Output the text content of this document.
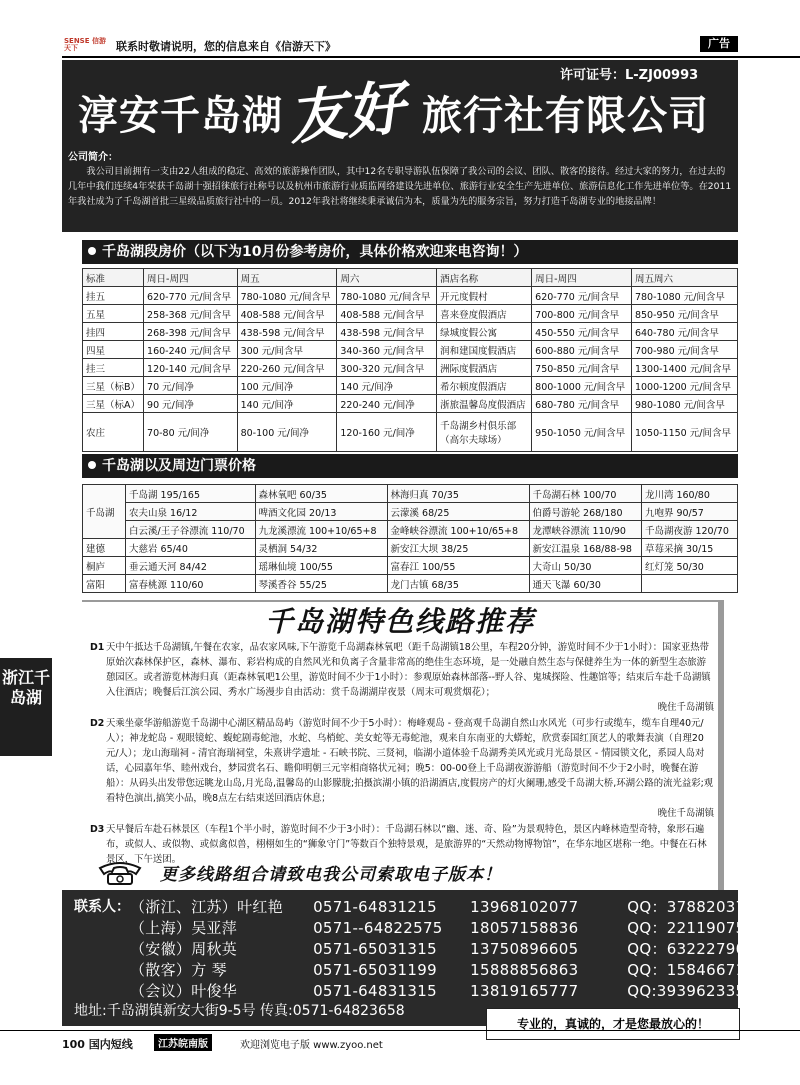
SENSE 信游天下	联系时敬请说明，您的信息来自《信游天下》	广告
许可证号：L-ZJ00993
淳安千岛湖 友好 旅行社有限公司
公司简介：
我公司目前拥有一支由22人组成的稳定、高效的旅游操作团队，其中12名专职导游队伍保障了我公司的会议、团队、散客的接待。经过大家的努力，在过去的几年中我们连续4年荣获千岛湖十强招徕旅行社称号以及杭州市旅游行业质监网络建设先进单位、旅游行业安全生产先进单位、旅游信息化工作先进单位等。在2011年我社成为了千岛湖首批三星级品质旅行社中的一员。2012年我社将继续秉承诚信为本，质量为先的服务宗旨，努力打造千岛湖专业的地接品牌！
千岛湖段房价（以下为10月份参考房价，具体价格欢迎来电咨询！）
标准	周日-周四	周五	周六	酒店名称	周日-周四	周五周六
挂五	620-770 元/间含早	780-1080 元/间含早	780-1080 元/间含早	开元度假村	620-770 元/间含早	780-1080 元/间含早
五星	258-368 元/间含早	408-588 元/间含早	408-588 元/间含早	喜来登度假酒店	700-800 元/间含早	850-950 元/间含早
挂四	268-398 元/间含早	438-598 元/间含早	438-598 元/间含早	绿城度假公寓	450-550 元/间含早	640-780 元/间含早
四星	160-240 元/间含早	300 元/间含早	340-360 元/间含早	润和建国度假酒店	600-880 元/间含早	700-980 元/间含早
挂三	120-140 元/间含早	220-260 元/间含早	300-320 元/间含早	洲际度假酒店	750-850 元/间含早	1300-1400 元/间含早
三星（标B）	70 元/间净	100 元/间净	140 元/间净	希尔顿度假酒店	800-1000 元/间含早	1000-1200 元/间含早
三星（标A）	90 元/间净	140 元/间净	220-240 元/间净	浙旅温馨岛度假酒店	680-780 元/间含早	980-1080 元/间含早
农庄	70-80 元/间净	80-100 元/间净	120-160 元/间净	千岛湖乡村俱乐部（高尔夫球场）	950-1050 元/间含早	1050-1150 元/间含早
千岛湖以及周边门票价格
千岛湖	千岛湖 195/165	森林氧吧 60/35	林海归真 70/35	千岛湖石林 100/70	龙川湾 160/80
	农夫山泉 16/12	啤酒文化园 20/13	云濛溪 68/25	伯爵号游轮 268/180	九咆界 90/57
	白云溪/王子谷漂流 110/70	九龙溪漂流 100+10/65+8	金峰峡谷漂流 100+10/65+8	龙潭峡谷漂流 110/90	千岛湖夜游 120/70
建德	大慈岩 65/40	灵栖洞 54/32	新安江大坝 38/25	新安江温泉 168/88-98	草莓采摘 30/15
桐庐	垂云通天河 84/42	瑶琳仙境 100/55	富春江 100/55	大奇山 50/30	红灯笼 50/30
富阳	富春桃源 110/60	琴溪香谷 55/25	龙门古镇 68/35	通天飞瀑 60/30	
浙江千岛湖
千岛湖特色线路推荐
D1 天中午抵达千岛湖镇,午餐在农家，品农家风味,下午游览千岛湖森林氧吧（距千岛湖镇18公里，车程20分钟，游览时间不少于1小时）：国家亚热带原始次森林保护区，森林、瀑布、彩岩构成的自然风光和负离子含量非常高的绝佳生态环境，是一处融自然生态与保健养生为一体的新型生态旅游憩园区。或者游览林海归真（距森林氧吧1公里，游览时间不少于1小时）：参观原始森林部落--野人谷、鬼城探险、性趣馆等；结束后车赴千岛湖镇入住酒店；晚餐后江滨公园、秀水广场漫步自由活动：赏千岛湖湖岸夜景（周末可观赏烟花）；
晚住千岛湖镇
D2 天乘坐豪华游船游览千岛湖中心湖区精品岛屿（游览时间不少于5小时）：梅峰观岛 - 登高观千岛湖自然山水风光（可步行或缆车，缆车自理40元/人）；神龙蛇岛 - 观眼镜蛇、蝮蛇剧毒蛇池，水蛇、乌梢蛇、美女蛇等无毒蛇池，观来自东南亚的大蟒蛇，欣赏泰国红顶艺人的歌舞表演（自理20元/人）；龙山海瑞祠 - 清官海瑞祠堂，朱熹讲学遗址 - 石峡书院、三贤祠，临湖小道体验千岛湖秀美风光或月光岛景区 - 情园锁文化，系园人岛对话，心园嘉年华、睦州戏台，梦园赏名石、瞻仰明朝三元宰相商辂状元祠；晚5：00-00登上千岛湖夜游游船（游览时间不少于2小时，晚餐在游船）：从码头出发带您远眺龙山岛,月光岛,温馨岛的山影朦胧;拍摄滨湖小镇的沿湖酒店,度假房产的灯火阑珊,感受千岛湖大桥,环湖公路的流光益彩;观看特色演出,搞笑小品，晚8点左右结束送回酒店休息；
晚住千岛湖镇
D3 天早餐后车赴石林景区（车程1个半小时，游览时间不少于3小时）：千岛湖石林以“幽、迷、奇、险”为景观特色，景区内峰林造型奇特，象形石遍布，或似人、或似物、或似禽似兽，栩栩如生的“狮象守门”等数百个独特景观，是旅游界的“天然动物博物馆”，在华东地区堪称一绝。中餐在石林景区，下午送团。
更多线路组合请致电我公司索取电子版本！
联系人： （浙江、江苏）叶红艳 0571-64831215 13968102077	QQ：378820376
（上海）吴亚萍	0571--64822575 18057158836	QQ：2211907542
（安徽）周秋英	0571-65031315 13750896605	QQ：632227902
（散客）方 琴	0571-65031199 15888856863	QQ：1584667169
（会议）叶俊华	0571-64831315 13819165777	QQ:393962335
地址:千岛湖镇新安大街9-5号 传真:0571-64823658
专业的，真诚的，才是您最放心的！
100 国内短线	江苏皖南版	欢迎浏览电子版 www.zyoo.net
